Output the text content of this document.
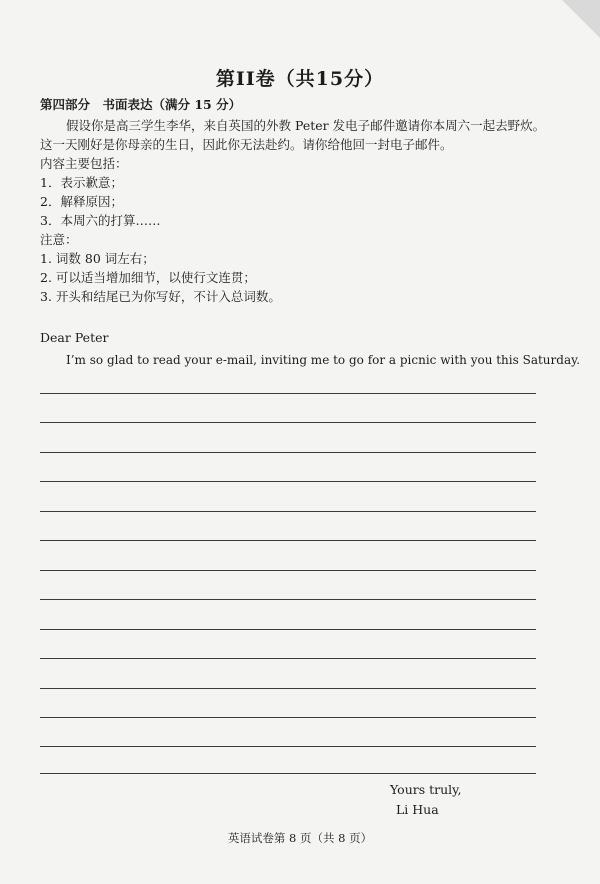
第II卷（共15分）
第四部分　书面表达（满分 15 分）
假设你是高三学生李华，来自英国的外教 Peter 发电子邮件邀请你本周六一起去野炊。
这一天刚好是你母亲的生日，因此你无法赴约。请你给他回一封电子邮件。
内容主要包括：
1．表示歉意；
2．解释原因；
3．本周六的打算……
注意：
1. 词数 80 词左右；
2. 可以适当增加细节，以使行文连贯；
3. 开头和结尾已为你写好，不计入总词数。
Dear Peter
I’m so glad to read your e-mail, inviting me to go for a picnic with you this Saturday.
Yours truly,
Li Hua
英语试卷第 8 页（共 8 页）
